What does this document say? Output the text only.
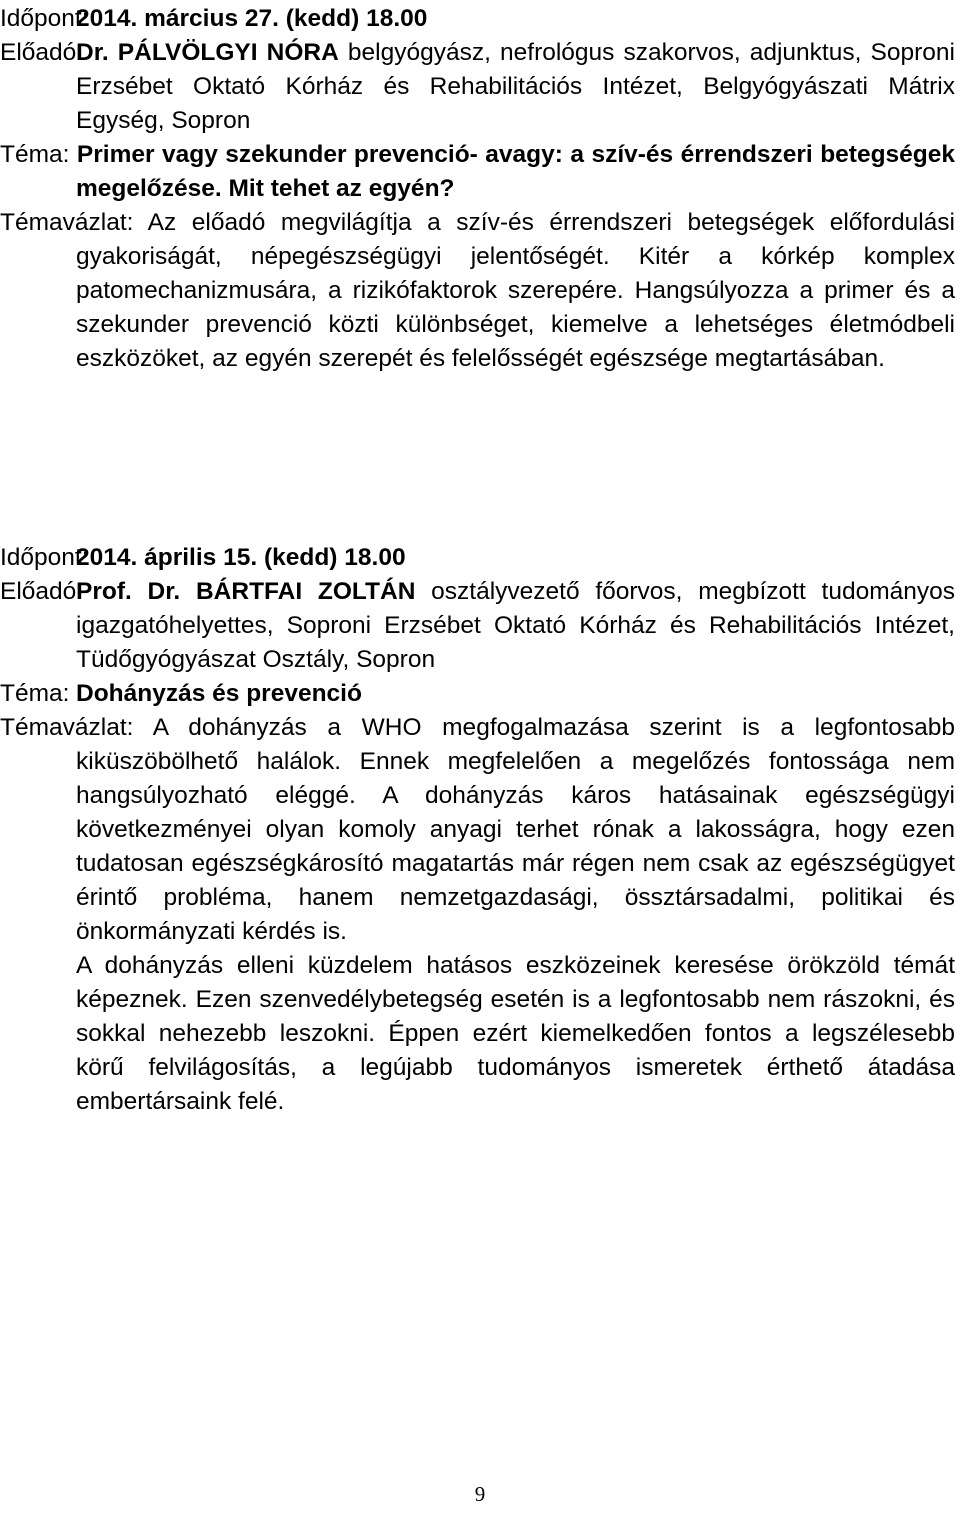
Időpont:
2014. március 27. (kedd) 18.00
Előadó:
Dr. PÁLVÖLGYI NÓRA belgyógyász, nefrológus szakorvos, adjunktus, Soproni Erzsébet Oktató Kórház és Rehabilitációs Intézet, Belgyógyászati Mátrix Egység, Sopron
Téma: Primer vagy szekunder prevenció- avagy: a szív-és érrendszeri betegségek megelőzése. Mit tehet az egyén?
Témavázlat: Az előadó megvilágítja a szív-és érrendszeri betegségek előfordulási gyakoriságát, népegészségügyi jelentőségét. Kitér a kórkép komplex patomechanizmusára, a rizikófaktorok szerepére. Hangsúlyozza a primer és a szekunder prevenció közti különbséget, kiemelve a lehetséges életmódbeli eszközöket, az egyén szerepét és felelősségét egészsége megtartásában.
Időpont:
2014. április 15. (kedd) 18.00
Előadó:
Prof. Dr. BÁRTFAI ZOLTÁN osztályvezető főorvos, megbízott tudományos igazgatóhelyettes, Soproni Erzsébet Oktató Kórház és Rehabilitációs Intézet, Tüdőgyógyászat Osztály, Sopron
Téma: Dohányzás és prevenció
Témavázlat: A dohányzás a WHO megfogalmazása szerint is a legfontosabb kiküszöbölhető halálok. Ennek megfelelően a megelőzés fontossága nem hangsúlyozható eléggé. A dohányzás káros hatásainak egészségügyi következményei olyan komoly anyagi terhet rónak a lakosságra, hogy ezen tudatosan egészségkárosító magatartás már régen nem csak az egészségügyet érintő probléma, hanem nemzetgazdasági, össztársadalmi, politikai és önkormányzati kérdés is.
A dohányzás elleni küzdelem hatásos eszközeinek keresése örökzöld témát képeznek. Ezen szenvedélybetegség esetén is a legfontosabb nem rászokni, és sokkal nehezebb leszokni. Éppen ezért kiemelkedően fontos a legszélesebb körű felvilágosítás, a legújabb tudományos ismeretek érthető átadása embertársaink felé.
9
